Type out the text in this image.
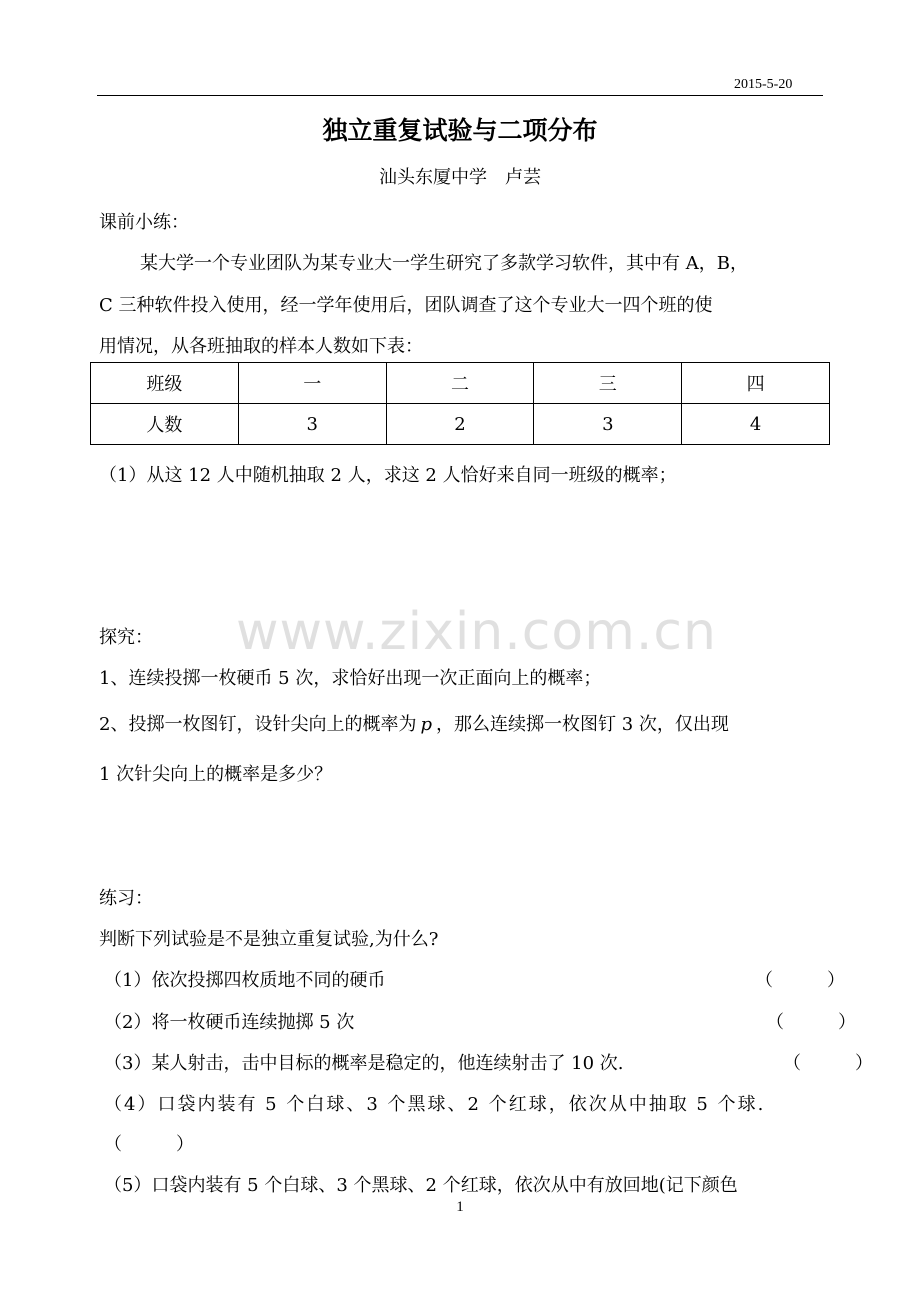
2015-5-20
独立重复试验与二项分布
汕头东厦中学　卢芸
课前小练：
某大学一个专业团队为某专业大一学生研究了多款学习软件，其中有 A，B，
C 三种软件投入使用，经一学年使用后，团队调查了这个专业大一四个班的使
用情况，从各班抽取的样本人数如下表：
班级	一	二	三	四
人数	3	2	3	4
（1）从这 12 人中随机抽取 2 人，求这 2 人恰好来自同一班级的概率；
www.zixin.com.cn
探究：
1、连续投掷一枚硬币 5 次，求恰好出现一次正面向上的概率；
2、投掷一枚图钉，设针尖向上的概率为 p ，那么连续掷一枚图钉 3 次，仅出现
1 次针尖向上的概率是多少？
练习：
判断下列试验是不是独立重复试验,为什么?
（1）依次投掷四枚质地不同的硬币	（　　　）
（2）将一枚硬币连续抛掷 5 次	（　　　）
（3）某人射击，击中目标的概率是稳定的，他连续射击了 10 次.	（　　　）
（4）口袋内装有 5 个白球、3 个黑球、2 个红球，依次从中抽取 5 个球.
（　　　）
（5）口袋内装有 5 个白球、3 个黑球、2 个红球，依次从中有放回地(记下颜色
1
